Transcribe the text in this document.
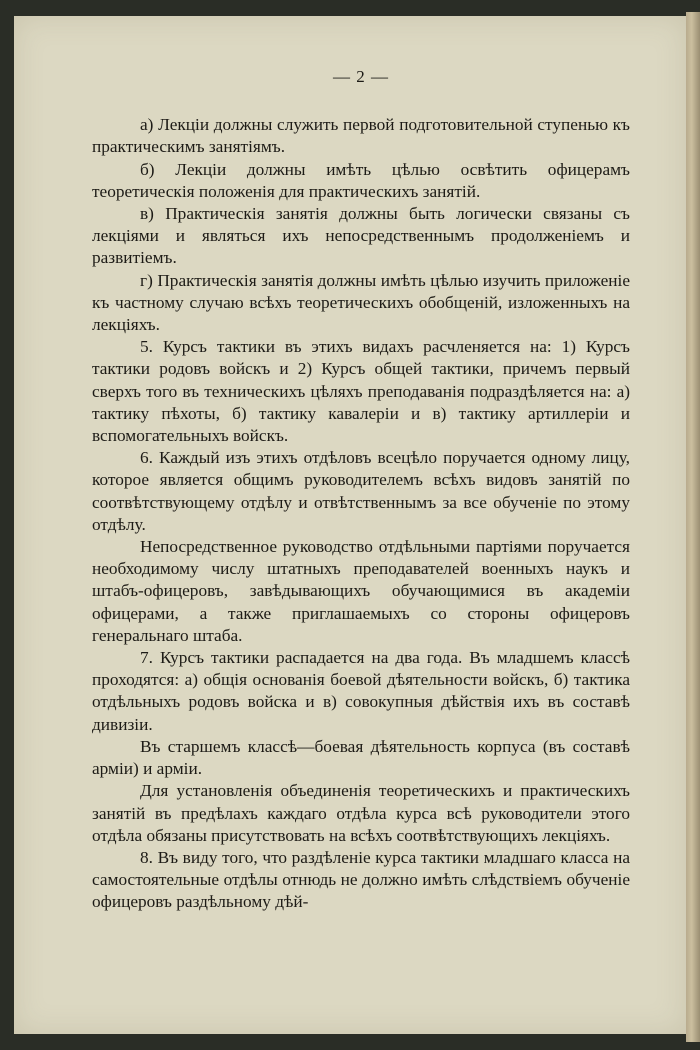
— 2 —

а) Лекціи должны служить первой подготовительной ступенью къ практическимъ занятіямъ.

б) Лекціи должны имѣть цѣлью освѣтить офицерамъ теоретическія положенія для практическихъ занятій.

в) Практическія занятія должны быть логически связаны съ лекціями и являться ихъ непосредственнымъ продолженіемъ и развитіемъ.

г) Практическія занятія должны имѣть цѣлью изучить приложеніе къ частному случаю всѣхъ теоретическихъ обобщеній, изложенныхъ на лекціяхъ.

5. Курсъ тактики въ этихъ видахъ расчленяется на: 1) Курсъ тактики родовъ войскъ и 2) Курсъ общей тактики, причемъ первый сверхъ того въ техническихъ цѣляхъ преподаванія подраздѣляется на: а) тактику пѣхоты, б) тактику кавалеріи и в) тактику артиллеріи и вспомогательныхъ войскъ.

6. Каждый изъ этихъ отдѣловъ всецѣло поручается одному лицу, которое является общимъ руководителемъ всѣхъ видовъ занятій по соотвѣтствующему отдѣлу и отвѣтственнымъ за все обученіе по этому отдѣлу.

Непосредственное руководство отдѣльными партіями поручается необходимому числу штатныхъ преподавателей военныхъ наукъ и штабъ-офицеровъ, завѣдывающихъ обучающимися въ академіи офицерами, а также приглашаемыхъ со стороны офицеровъ генеральнаго штаба.

7. Курсъ тактики распадается на два года. Въ младшемъ классѣ проходятся: а) общія основанія боевой дѣятельности войскъ, б) тактика отдѣльныхъ родовъ войска и в) совокупныя дѣйствія ихъ въ составѣ дивизіи.

Въ старшемъ классѣ—боевая дѣятельность корпуса (въ составѣ арміи) и арміи.

Для установленія объединенія теоретическихъ и практическихъ занятій въ предѣлахъ каждаго отдѣла курса всѣ руководители этого отдѣла обязаны присутствовать на всѣхъ соотвѣтствующихъ лекціяхъ.

8. Въ виду того, что раздѣленіе курса тактики младшаго класса на самостоятельные отдѣлы отнюдь не должно имѣть слѣдствіемъ обученіе офицеровъ раздѣльному дѣй-
